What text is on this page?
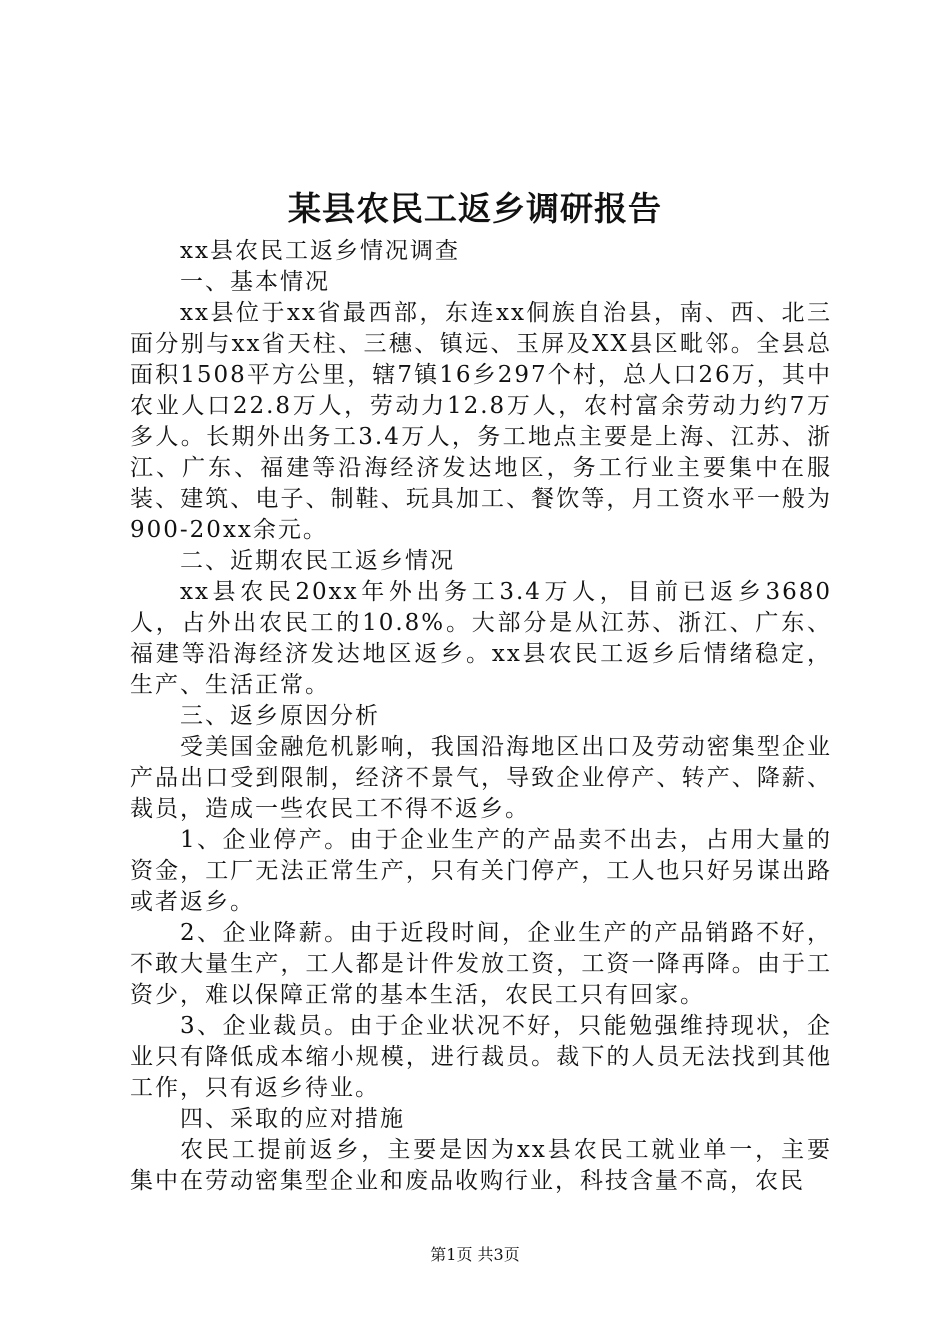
某县农民工返乡调研报告

xx县农民工返乡情况调查

一、基本情况

xx县位于xx省最西部，东连xx侗族自治县，南、西、北三面分别与xx省天柱、三穗、镇远、玉屏及XX县区毗邻。全县总面积1508平方公里，辖7镇16乡297个村，总人口26万，其中农业人口22.8万人，劳动力12.8万人，农村富余劳动力约7万多人。长期外出务工3.4万人，务工地点主要是上海、江苏、浙江、广东、福建等沿海经济发达地区，务工行业主要集中在服装、建筑、电子、制鞋、玩具加工、餐饮等，月工资水平一般为900-20xx余元。

二、近期农民工返乡情况

xx县农民20xx年外出务工3.4万人，目前已返乡3680人，占外出农民工的10.8%。大部分是从江苏、浙江、广东、福建等沿海经济发达地区返乡。xx县农民工返乡后情绪稳定，生产、生活正常。

三、返乡原因分析

受美国金融危机影响，我国沿海地区出口及劳动密集型企业产品出口受到限制，经济不景气，导致企业停产、转产、降薪、裁员，造成一些农民工不得不返乡。

1、企业停产。由于企业生产的产品卖不出去，占用大量的资金，工厂无法正常生产，只有关门停产，工人也只好另谋出路或者返乡。

2、企业降薪。由于近段时间，企业生产的产品销路不好，不敢大量生产，工人都是计件发放工资，工资一降再降。由于工资少，难以保障正常的基本生活，农民工只有回家。

3、企业裁员。由于企业状况不好，只能勉强维持现状，企业只有降低成本缩小规模，进行裁员。裁下的人员无法找到其他工作，只有返乡待业。

四、采取的应对措施

农民工提前返乡，主要是因为xx县农民工就业单一，主要集中在劳动密集型企业和废品收购行业，科技含量不高，农民

第1页 共3页
